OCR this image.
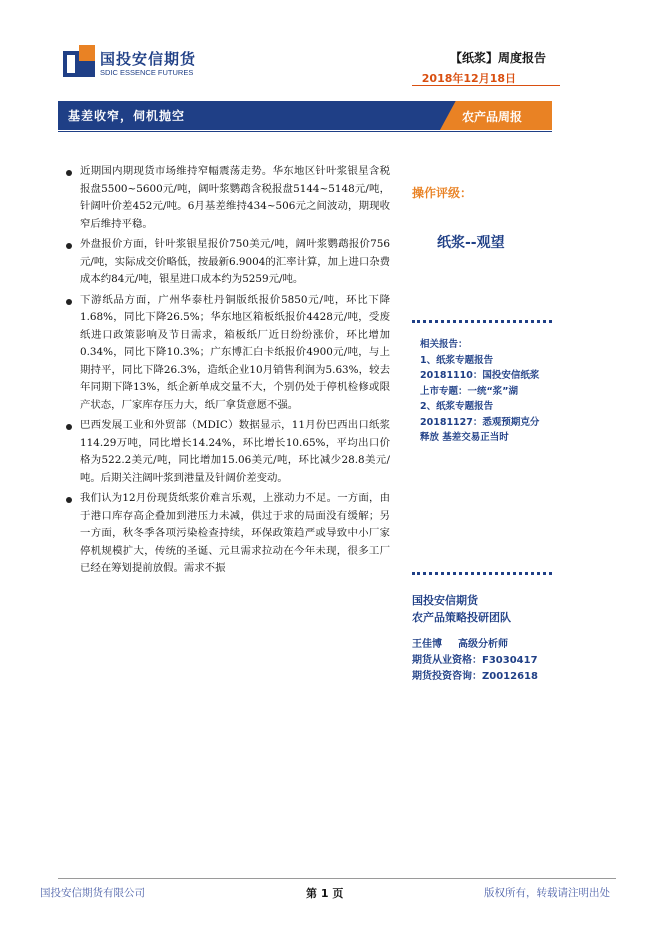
国投安信期货
SDIC ESSENCE FUTURES
【纸浆】周度报告
2018年12月18日
基差收窄，伺机抛空	农产品周报

近期国内期现货市场维持窄幅震荡走势。华东地区针叶浆银星含税报盘5500~5600元/吨，阔叶浆鹦鹉含税报盘5144~5148元/吨，针阔叶价差452元/吨。6月基差维持434~506元之间波动，期现收窄后维持平稳。

外盘报价方面，针叶浆银星报价750美元/吨，阔叶浆鹦鹉报价756元/吨，实际成交价略低，按最新6.9004的汇率计算，加上进口杂费成本约84元/吨，银星进口成本约为5259元/吨。

下游纸品方面，广州华泰杜丹铜版纸报价5850元/吨，环比下降1.68%，同比下降26.5%；华东地区箱板纸报价4428元/吨，受废纸进口政策影响及节日需求，箱板纸厂近日纷纷涨价，环比增加0.34%，同比下降10.3%；广东博汇白卡纸报价4900元/吨，与上期持平，同比下降26.3%，造纸企业10月销售利润为5.63%，较去年同期下降13%，纸企新单成交量不大，个别仍处于停机检修或限产状态，厂家库存压力大，纸厂拿货意愿不强。

巴西发展工业和外贸部（MDIC）数据显示，11月份巴西出口纸浆114.29万吨，同比增长14.24%，环比增长10.65%，平均出口价格为522.2美元/吨，同比增加15.06美元/吨，环比减少28.8美元/吨。后期关注阔叶浆到港量及针阔价差变动。

我们认为12月份现货纸浆价难言乐观，上涨动力不足。一方面，由于港口库存高企叠加到港压力未减，供过于求的局面没有缓解；另一方面，秋冬季各项污染检查持续，环保政策趋严或导致中小厂家停机规模扩大，传统的圣诞、元旦需求拉动在今年未现，很多工厂已经在筹划提前放假。需求不振

操作评级：
纸浆--观望
相关报告：
1、纸浆专题报告
20181110：国投安信纸浆上市专题：一统“浆”湖
2、纸浆专题报告
20181127：悉观预期克分释放 基差交易正当时
国投安信期货
农产品策略投研团队
王佳博 高级分析师
期货从业资格：F3030417
期货投资咨询：Z0012618
国投安信期货有限公司	第 1 页	版权所有，转载请注明出处
